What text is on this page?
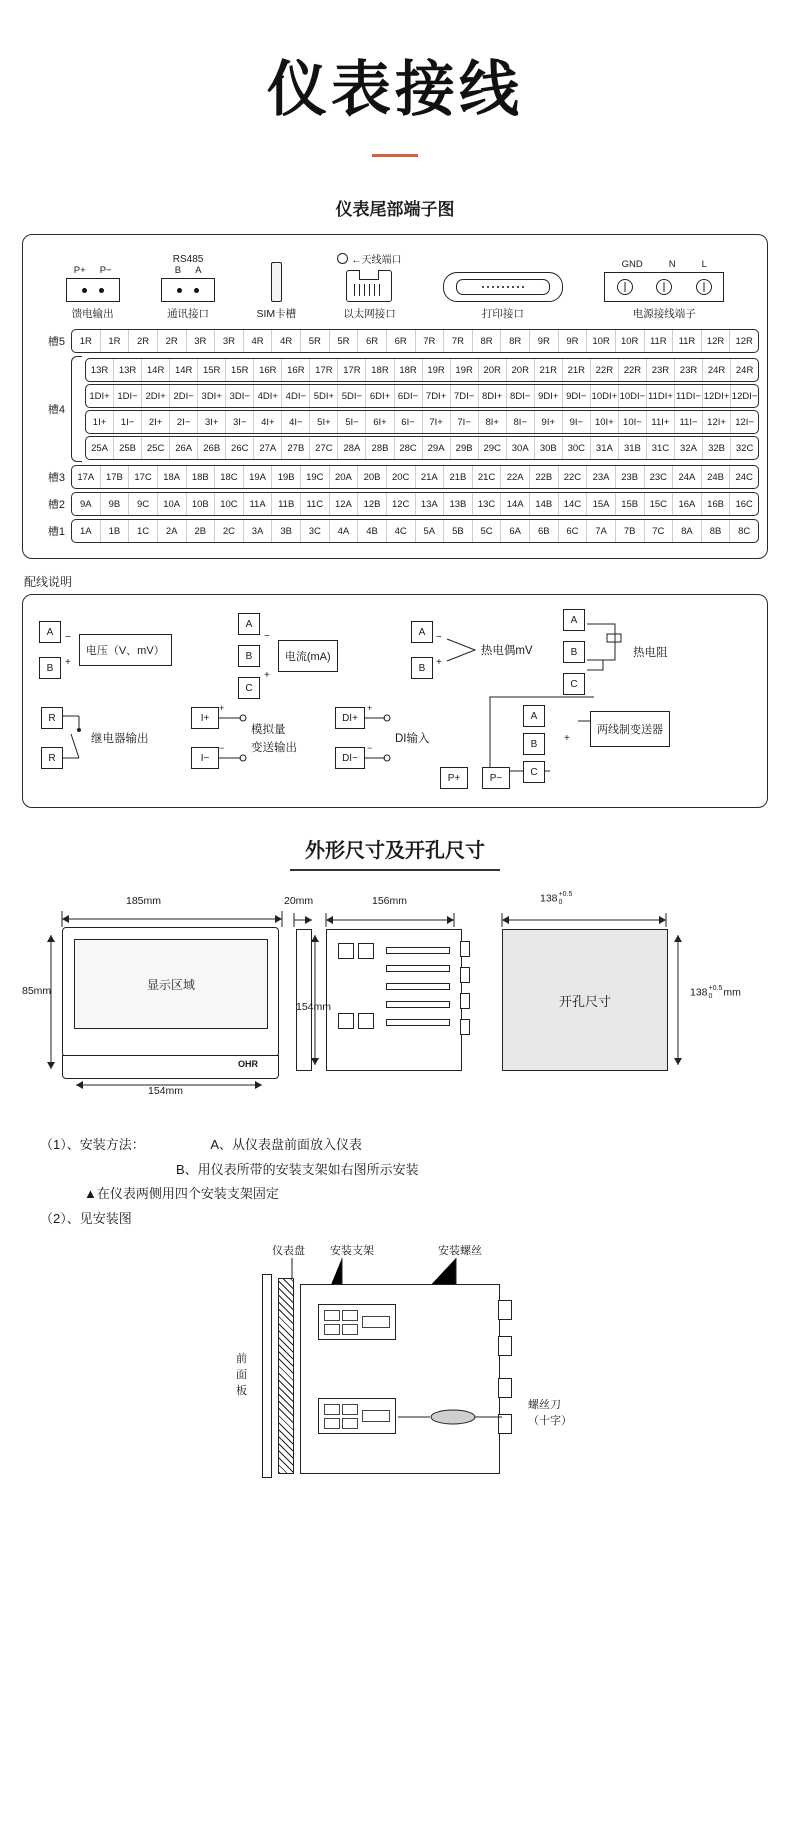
仪表接线
仪表尾部端子图
P+ P−
馈电输出
RS485
B A
通讯接口	SIM卡槽
←天线端口
以太网接口	打印接口
GND	N	L
电源接线端子
槽5	1R	1R	2R	2R	3R	3R	4R	4R	5R	5R	6R	6R	7R	7R	8R	8R	9R	9R	10R	10R	11R	11R	12R	12R
槽4
13R	13R	14R	14R	15R	15R	16R	16R	17R	17R	18R	18R	19R	19R	20R	20R	21R	21R	22R	22R	23R	23R	24R	24R
1DI+ 1DI− 2DI+ 2DI− 3DI+ 3DI− 4DI+ 4DI− 5DI+ 5DI− 6DI+ 6DI− 7DI+ 7DI− 8DI+ 8DI− 9DI+ 9DI− 10DI+ 10DI− 11DI+ 11DI− 12DI+ 12DI−
1I+	1I−	2I+	2I−	3I+	3I−	4I+	4I−	5I+	5I−	6I+	6I−	7I+	7I−	8I+	8I−	9I+	9I−	10I+ 10I−	11I+	11I−	12I+ 12I−
25A	25B	25C	26A	26B	26C	27A	27B	27C	28A	28B	28C	29A	29B	29C	30A	30B	30C	31A	31B	31C	32A	32B	32C
槽3	17A	17B	17C	18A	18B	18C	19A	19B	19C	20A	20B	20C	21A	21B	21C	22A	22B	22C	23A	23B	23C	24A	24B	24C
槽2	9A	9B	9C	10A	10B	10C	11A	11B	11C	12A	12B	12C	13A	13B	13C	14A	14B	14C	15A	15B	15C	16A	16B	16C
槽1	1A	1B	1C	2A	2B	2C	3A	3B	3C	4A	4B	4C	5A	5B	5C	6A	6B	6C	7A	7B	7C	8A	8B	8C
配线说明
A
B
−
+
电压（V、mV）
A
B
C
−
+
电流(mA)
A
B
−
+
热电偶mV
A
B
C
热电阻
R
R
继电器输出
I+
I−
模拟量
变送输出
+
−
DI+
DI−
DI输入
+
−
A
B
C
+
两线制变送器
P+	P−
外形尺寸及开孔尺寸
185mm
显示区域
OHR
85mm
154mm
20mm	156mm
154mm
138 +0.5
0
开孔尺寸
138 +0.5
0	mm
（1）、安装方法：	A、从仪表盘前面放入仪表
B、用仪表所带的安装支架如右图所示安装
▲在仪表两侧用四个安装支架固定
（2）、见安装图
仪表盘 安装支架	安装螺丝
前
面
板
螺丝刀
（十字）
